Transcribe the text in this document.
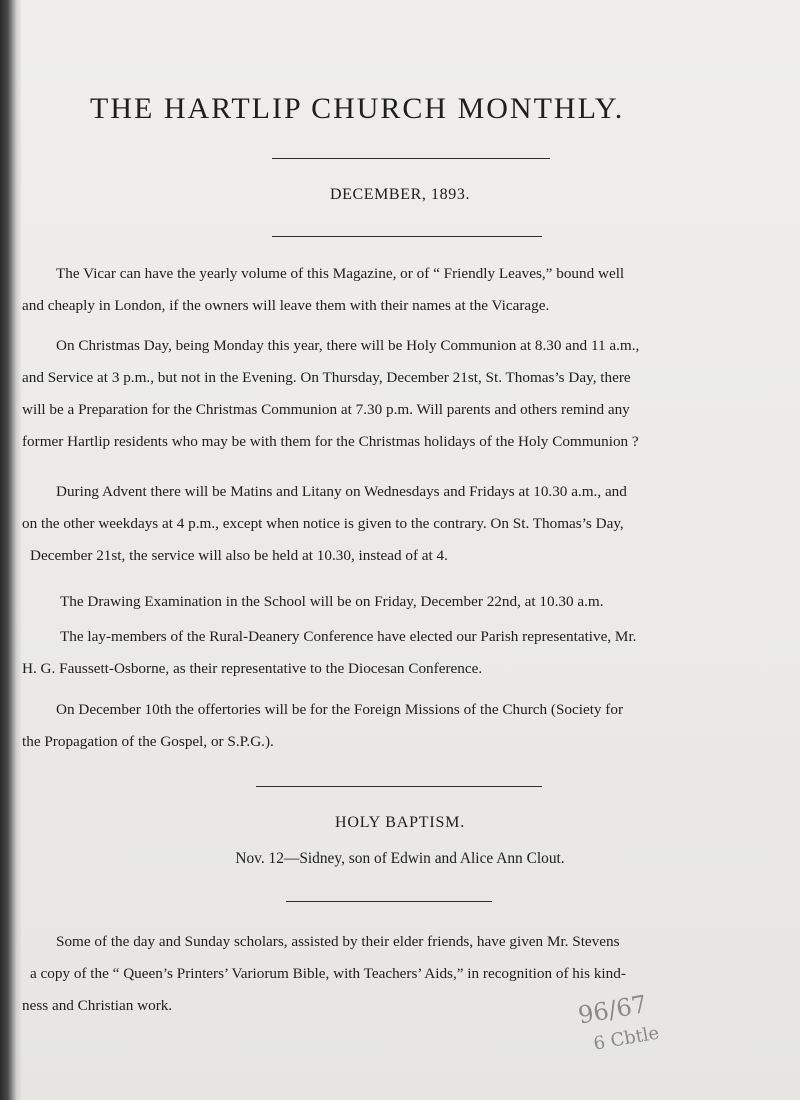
THE HARTLIP CHURCH MONTHLY.
DECEMBER, 1893.
The Vicar can have the yearly volume of this Magazine, or of “ Friendly Leaves,” bound well
and cheaply in London, if the owners will leave them with their names at the Vicarage.
On Christmas Day, being Monday this year, there will be Holy Communion at 8.30 and 11 a.m.,
and Service at 3 p.m., but not in the Evening. On Thursday, December 21st, St. Thomas’s Day, there
will be a Preparation for the Christmas Communion at 7.30 p.m. Will parents and others remind any
former Hartlip residents who may be with them for the Christmas holidays of the Holy Communion ?
During Advent there will be Matins and Litany on Wednesdays and Fridays at 10.30 a.m., and
on the other weekdays at 4 p.m., except when notice is given to the contrary. On St. Thomas’s Day,
December 21st, the service will also be held at 10.30, instead of at 4.
The Drawing Examination in the School will be on Friday, December 22nd, at 10.30 a.m.
The lay-members of the Rural-Deanery Conference have elected our Parish representative, Mr.
H. G. Faussett-Osborne, as their representative to the Diocesan Conference.
On December 10th the offertories will be for the Foreign Missions of the Church (Society for
the Propagation of the Gospel, or S.P.G.).
HOLY BAPTISM.
Nov. 12—Sidney, son of Edwin and Alice Ann Clout.
Some of the day and Sunday scholars, assisted by their elder friends, have given Mr. Stevens
a copy of the “ Queen’s Printers’ Variorum Bible, with Teachers’ Aids,” in recognition of his kind-
ness and Christian work.	96/67
6 Cbtle
